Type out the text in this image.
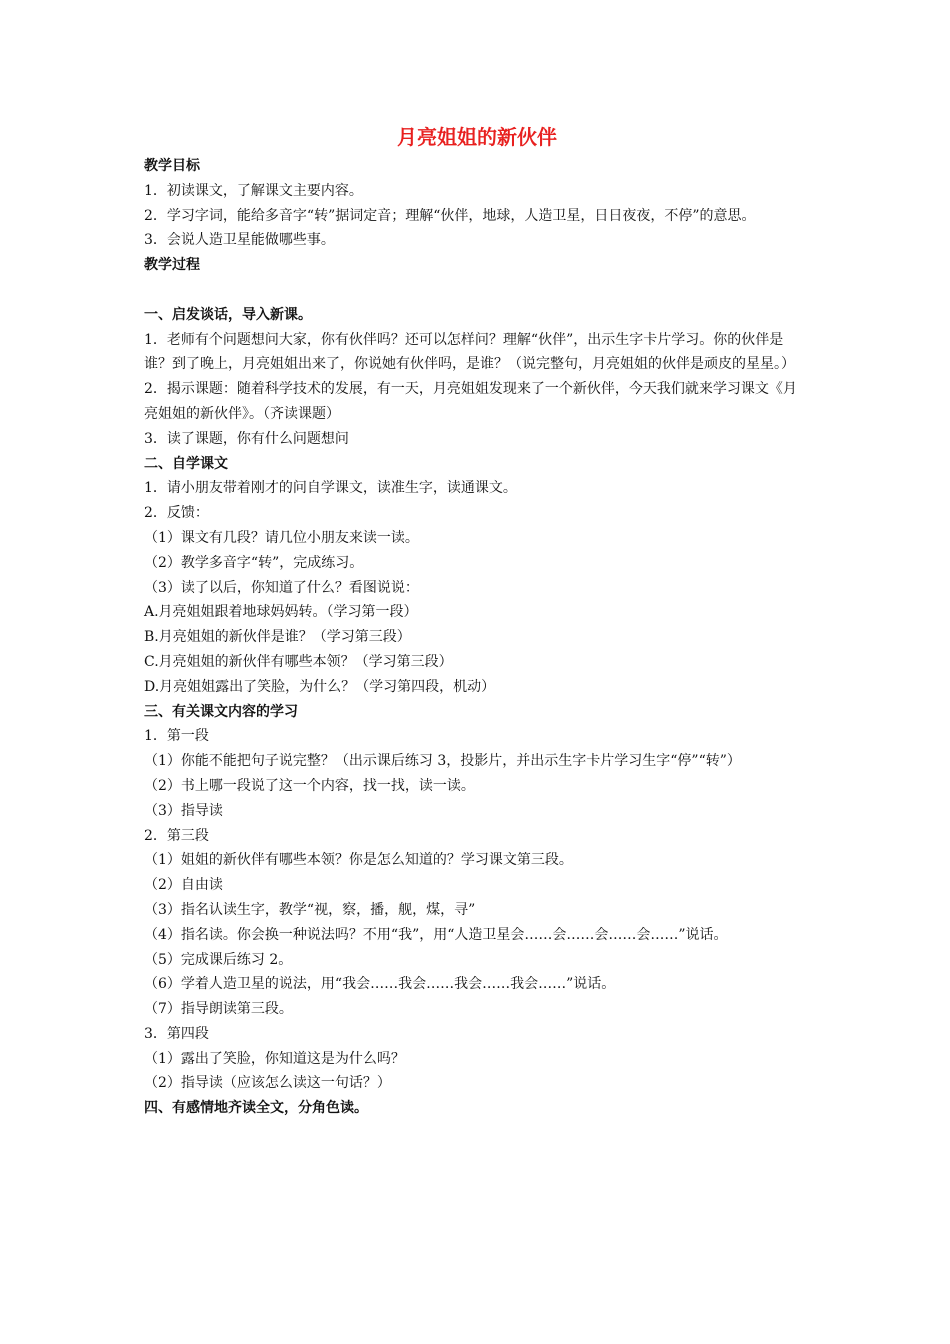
月亮姐姐的新伙伴
教学目标
1．初读课文，了解课文主要内容。
2．学习字词，能给多音字“转”据词定音；理解“伙伴，地球，人造卫星，日日夜夜，不停”的意思。
3．会说人造卫星能做哪些事。
教学过程
一、启发谈话，导入新课。
1．老师有个问题想问大家，你有伙伴吗？还可以怎样问？理解“伙伴”，出示生字卡片学习。你的伙伴是谁？到了晚上，月亮姐姐出来了，你说她有伙伴吗，是谁？（说完整句，月亮姐姐的伙伴是顽皮的星星。）
2．揭示课题：随着科学技术的发展，有一天，月亮姐姐发现来了一个新伙伴，今天我们就来学习课文《月亮姐姐的新伙伴》。（齐读课题）
3．读了课题，你有什么问题想问
二、自学课文
1．请小朋友带着刚才的问自学课文，读准生字，读通课文。
2．反馈：
（1）课文有几段？请几位小朋友来读一读。
（2）教学多音字“转”，完成练习。
（3）读了以后，你知道了什么？看图说说：
A.月亮姐姐跟着地球妈妈转。（学习第一段）
B.月亮姐姐的新伙伴是谁？（学习第三段）
C.月亮姐姐的新伙伴有哪些本领？（学习第三段）
D.月亮姐姐露出了笑脸，为什么？（学习第四段，机动）
三、有关课文内容的学习
1．第一段
（1）你能不能把句子说完整？（出示课后练习 3，投影片，并出示生字卡片学习生字“停”“转”）
（2）书上哪一段说了这一个内容，找一找，读一读。
（3）指导读
2．第三段
（1）姐姐的新伙伴有哪些本领？你是怎么知道的？学习课文第三段。
（2）自由读
（3）指名认读生字，教学“视，察，播，舰，煤，寻”
（4）指名读。你会换一种说法吗？不用“我”，用“人造卫星会……会……会……会……”说话。
（5）完成课后练习 2。
（6）学着人造卫星的说法，用“我会……我会……我会……我会……”说话。
（7）指导朗读第三段。
3．第四段
（1）露出了笑脸，你知道这是为什么吗？
（2）指导读（应该怎么读这一句话？）
四、有感情地齐读全文，分角色读。
